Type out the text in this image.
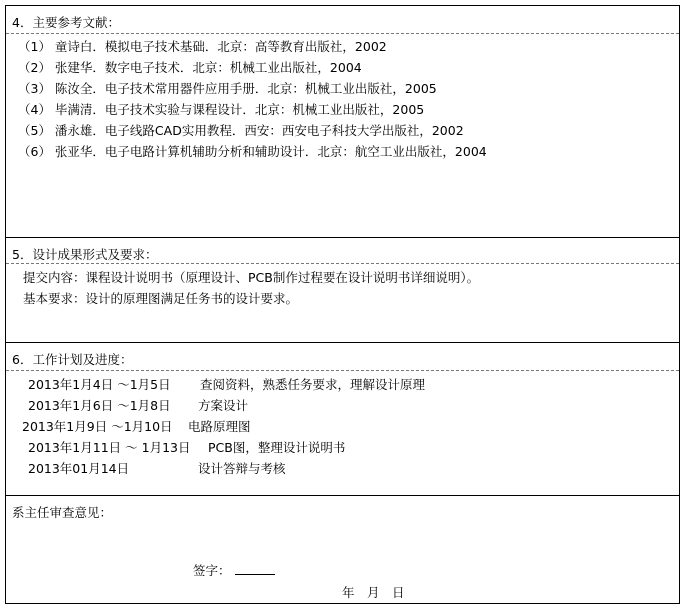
4．主要参考文献：
（1） 童诗白．模拟电子技术基础．北京：高等教育出版社，2002
（2） 张建华．数字电子技术．北京：机械工业出版社，2004
（3） 陈汝全．电子技术常用器件应用手册．北京：机械工业出版社，2005
（4） 毕满清．电子技术实验与课程设计．北京：机械工业出版社，2005
（5） 潘永雄．电子线路CAD实用教程．西安：西安电子科技大学出版社，2002
（6） 张亚华．电子电路计算机辅助分析和辅助设计．北京：航空工业出版社，2004
5．设计成果形式及要求：
提交内容：课程设计说明书（原理设计、PCB制作过程要在设计说明书详细说明）。
基本要求：设计的原理图满足任务书的设计要求。
6．工作计划及进度：
2013年1月4日 ～1月5日 查阅资料，熟悉任务要求，理解设计原理
2013年1月6日 ～1月8日 方案设计
2013年1月9日 ～1月10日 电路原理图
2013年1月11日 ～ 1月13日 PCB图，整理设计说明书
2013年01月14日	设计答辩与考核
系主任审查意见：
签字：
年　月　日
